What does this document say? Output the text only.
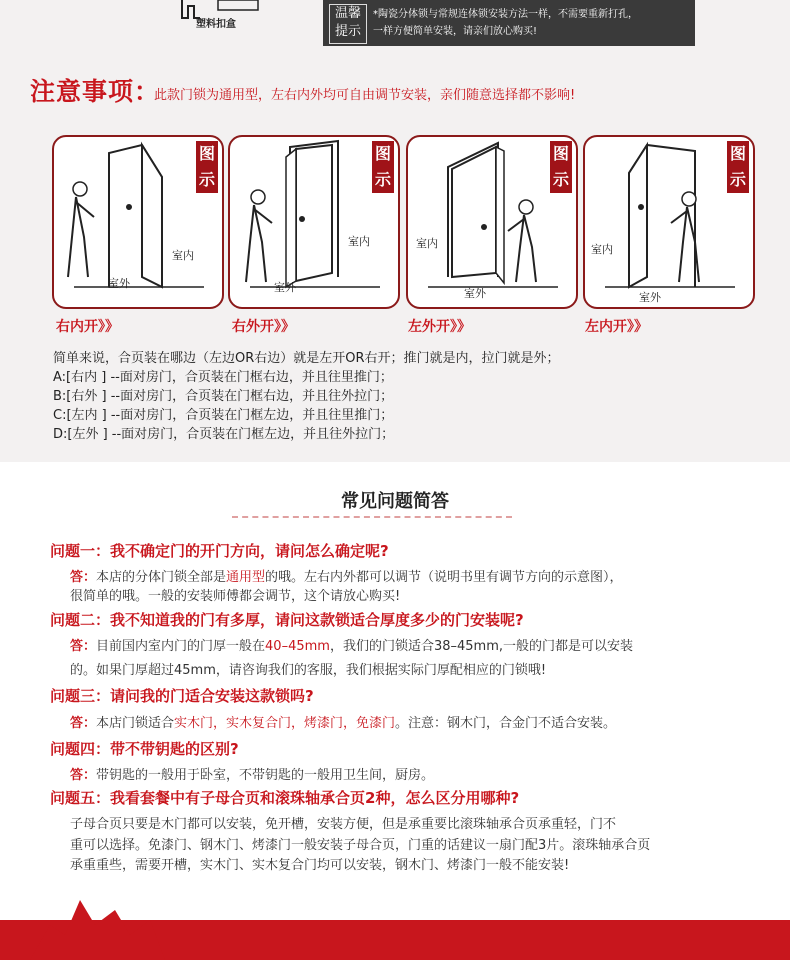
塑料扣盒
温馨
提示
*陶瓷分体锁与常规连体锁安装方法一样，不需要重新打孔，
一样方便简单安装，请亲们放心购买!
注意事项：
此款门锁为通用型，左右内外均可自由调节安装，亲们随意选择都不影响!
图
示
室内
室外
图
示
室内
室外
图
示
室内
室外
图
示
室内
室外
右内开》》	右外开》》	左外开》》	左内开》》
简单来说，合页装在哪边（左边OR右边）就是左开OR右开；推门就是内，拉门就是外；
A:[右内 ] --面对房门，合页装在门框右边，并且往里推门；
B:[右外 ] --面对房门，合页装在门框右边，并且往外拉门；
C:[左内 ] --面对房门，合页装在门框左边，并且往里推门；
D:[左外 ] --面对房门，合页装在门框左边，并且往外拉门；
常见问题简答
问题一：我不确定门的开门方向，请问怎么确定呢?
答：本店的分体门锁全部是通用型的哦。左右内外都可以调节（说明书里有调节方向的示意图），
很简单的哦。一般的安装师傅都会调节，这个请放心购买!
问题二：我不知道我的门有多厚，请问这款锁适合厚度多少的门安装呢?
答：目前国内室内门的门厚一般在40–45mm，我们的门锁适合38–45mm,一般的门都是可以安装
的。如果门厚超过45mm，请咨询我们的客服，我们根据实际门厚配相应的门锁哦!
问题三：请问我的门适合安装这款锁吗?
答：本店门锁适合实木门，实木复合门，烤漆门，免漆门。注意：钢木门，合金门不适合安装。
问题四：带不带钥匙的区别?
答：带钥匙的一般用于卧室，不带钥匙的一般用卫生间，厨房。
问题五：我看套餐中有子母合页和滚珠轴承合页2种，怎么区分用哪种?
子母合页只要是木门都可以安装，免开槽，安装方便，但是承重要比滚珠轴承合页承重轻，门不
重可以选择。免漆门、钢木门、烤漆门一般安装子母合页，门重的话建议一扇门配3片。滚珠轴承合页
承重重些，需要开槽，实木门、实木复合门均可以安装，钢木门、烤漆门一般不能安装!
